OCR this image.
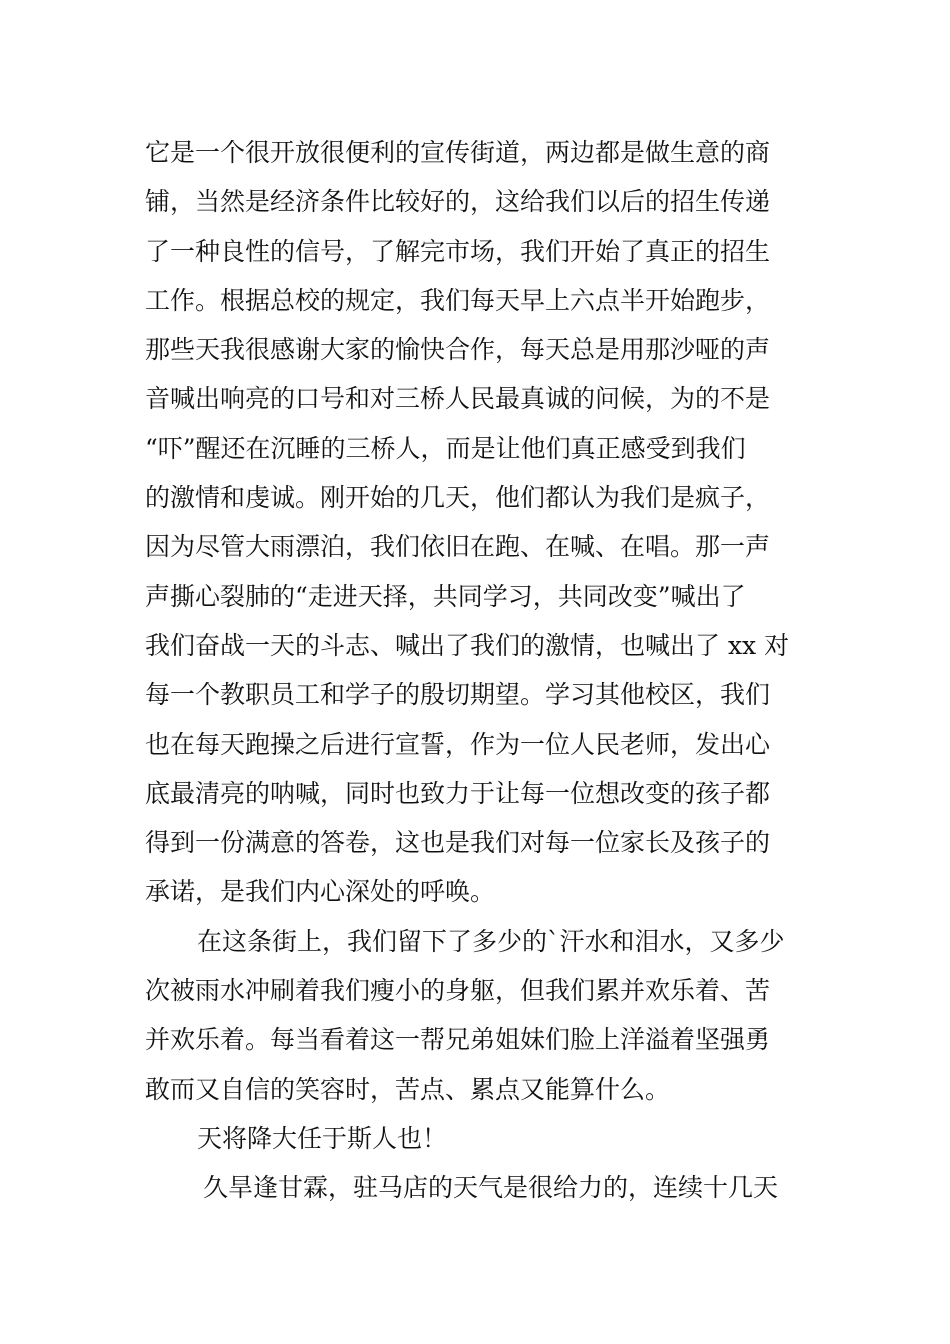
它是一个很开放很便利的宣传街道，两边都是做生意的商
铺，当然是经济条件比较好的，这给我们以后的招生传递
了一种良性的信号，了解完市场，我们开始了真正的招生
工作。根据总校的规定，我们每天早上六点半开始跑步，
那些天我很感谢大家的愉快合作，每天总是用那沙哑的声
音喊出响亮的口号和对三桥人民最真诚的问候，为的不是
“吓”醒还在沉睡的三桥人，而是让他们真正感受到我们
的激情和虔诚。刚开始的几天，他们都认为我们是疯子，
因为尽管大雨漂泊，我们依旧在跑、在喊、在唱。那一声
声撕心裂肺的“走进天择，共同学习，共同改变”喊出了
我们奋战一天的斗志、喊出了我们的激情，也喊出了 xx 对
每一个教职员工和学子的殷切期望。学习其他校区，我们
也在每天跑操之后进行宣誓，作为一位人民老师，发出心
底最清亮的呐喊，同时也致力于让每一位想改变的孩子都
得到一份满意的答卷，这也是我们对每一位家长及孩子的
承诺，是我们内心深处的呼唤。
在这条街上，我们留下了多少的`汗水和泪水，又多少
次被雨水冲刷着我们瘦小的身躯，但我们累并欢乐着、苦
并欢乐着。每当看着这一帮兄弟姐妹们脸上洋溢着坚强勇
敢而又自信的笑容时，苦点、累点又能算什么。
天将降大任于斯人也！
久旱逢甘霖，驻马店的天气是很给力的，连续十几天
